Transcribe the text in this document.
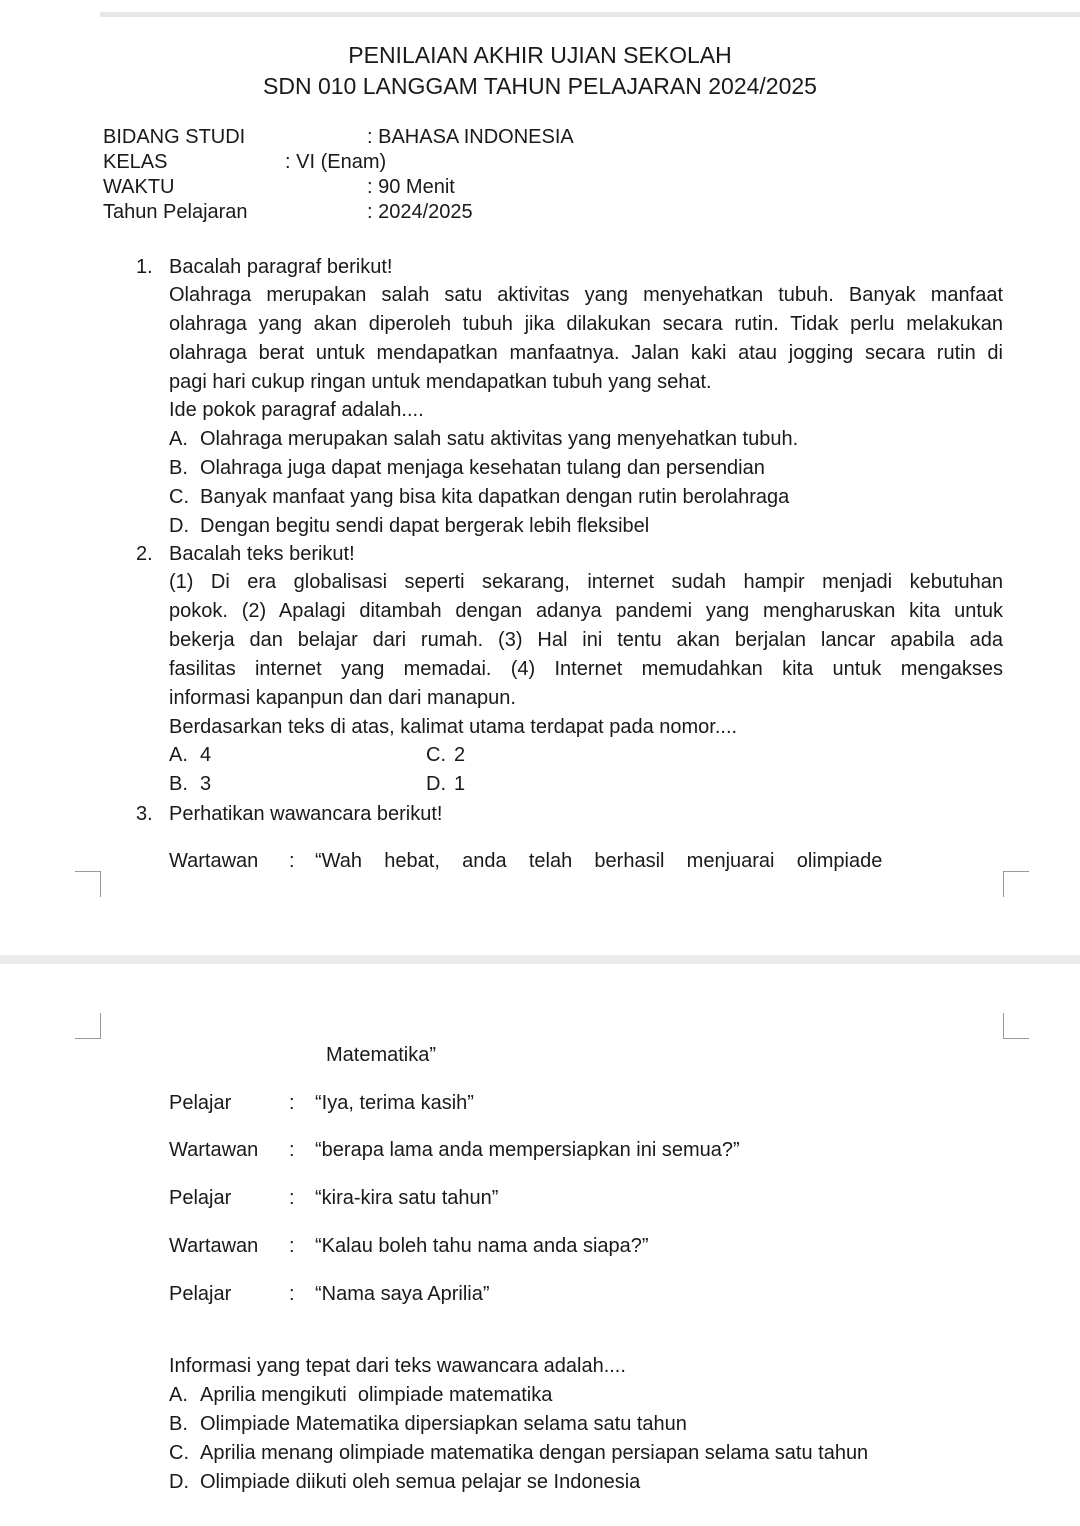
PENILAIAN AKHIR UJIAN SEKOLAH
SDN 010 LANGGAM TAHUN PELAJARAN 2024/2025
BIDANG STUDI	: BAHASA INDONESIA
KELAS	: VI (Enam)
WAKTU	: 90 Menit
Tahun Pelajaran	: 2024/2025
1. Bacalah paragraf berikut!
Olahraga merupakan salah satu aktivitas yang menyehatkan tubuh. Banyak manfaat
olahraga yang akan diperoleh tubuh jika dilakukan secara rutin. Tidak perlu melakukan
olahraga berat untuk mendapatkan manfaatnya. Jalan kaki atau jogging secara rutin di
pagi hari cukup ringan untuk mendapatkan tubuh yang sehat.
Ide pokok paragraf adalah....
A. Olahraga merupakan salah satu aktivitas yang menyehatkan tubuh.
B. Olahraga juga dapat menjaga kesehatan tulang dan persendian
C. Banyak manfaat yang bisa kita dapatkan dengan rutin berolahraga
D. Dengan begitu sendi dapat bergerak lebih fleksibel
2. Bacalah teks berikut!
(1) Di era globalisasi seperti sekarang, internet sudah hampir menjadi kebutuhan
pokok. (2) Apalagi ditambah dengan adanya pandemi yang mengharuskan kita untuk
bekerja dan belajar dari rumah. (3) Hal ini tentu akan berjalan lancar apabila ada
fasilitas internet yang memadai. (4) Internet memudahkan kita untuk mengakses
informasi kapanpun dan dari manapun.
Berdasarkan teks di atas, kalimat utama terdapat pada nomor....
A. 4	C. 2
B. 3	D. 1
3. Perhatikan wawancara berikut!
Wartawan : “Wah    hebat,    anda    telah    berhasil    menjuarai    olimpiade
Matematika”
Pelajar	: “Iya, terima kasih”
Wartawan : “berapa lama anda mempersiapkan ini semua?”
Pelajar	: “kira-kira satu tahun”
Wartawan : “Kalau boleh tahu nama anda siapa?”
Pelajar	: “Nama saya Aprilia”
Informasi yang tepat dari teks wawancara adalah....
A. Aprilia mengikuti  olimpiade matematika
B. Olimpiade Matematika dipersiapkan selama satu tahun
C. Aprilia menang olimpiade matematika dengan persiapan selama satu tahun
D. Olimpiade diikuti oleh semua pelajar se Indonesia
